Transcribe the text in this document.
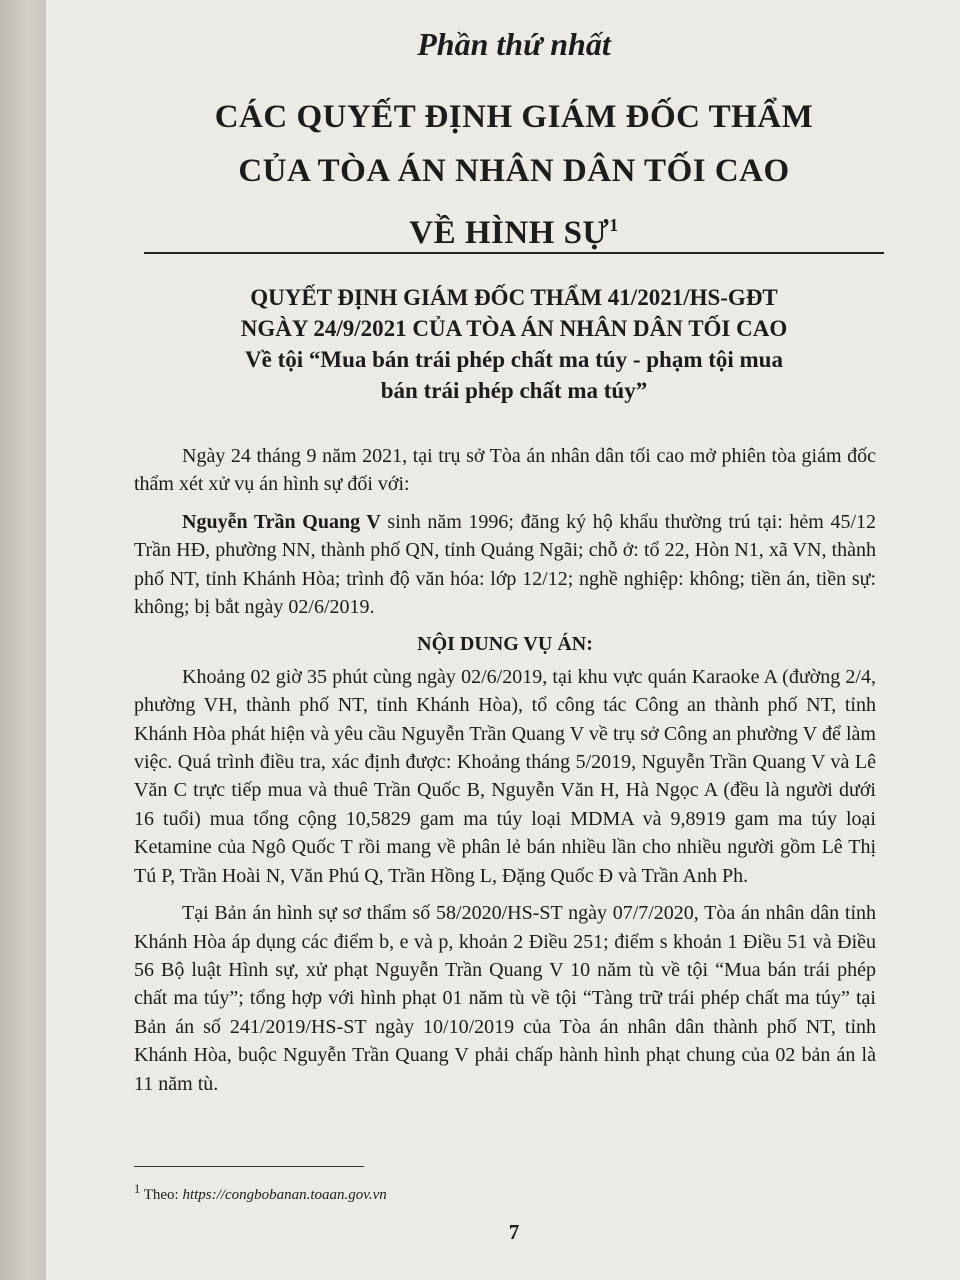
Phần thứ nhất
CÁC QUYẾT ĐỊNH GIÁM ĐỐC THẨM
CỦA TÒA ÁN NHÂN DÂN TỐI CAO
VỀ HÌNH SỰ$^1$
QUYẾT ĐỊNH GIÁM ĐỐC THẨM 41/2021/HS-GĐT
NGÀY 24/9/2021 CỦA TÒA ÁN NHÂN DÂN TỐI CAO
Về tội “Mua bán trái phép chất ma túy - phạm tội mua
bán trái phép chất ma túy”

Ngày 24 tháng 9 năm 2021, tại trụ sở Tòa án nhân dân tối cao mở phiên tòa giám đốc thẩm xét xử vụ án hình sự đối với:

Nguyễn Trần Quang V sinh năm 1996; đăng ký hộ khẩu thường trú tại: hẻm 45/12 Trần HĐ, phường NN, thành phố QN, tỉnh Quảng Ngãi; chỗ ở: tổ 22, Hòn N1, xã VN, thành phố NT, tỉnh Khánh Hòa; trình độ văn hóa: lớp 12/12; nghề nghiệp: không; tiền án, tiền sự: không; bị bắt ngày 02/6/2019.

NỘI DUNG VỤ ÁN:

Khoảng 02 giờ 35 phút cùng ngày 02/6/2019, tại khu vực quán Karaoke A (đường 2/4, phường VH, thành phố NT, tỉnh Khánh Hòa), tổ công tác Công an thành phố NT, tỉnh Khánh Hòa phát hiện và yêu cầu Nguyễn Trần Quang V về trụ sở Công an phường V để làm việc. Quá trình điều tra, xác định được: Khoảng tháng 5/2019, Nguyễn Trần Quang V và Lê Văn C trực tiếp mua và thuê Trần Quốc B, Nguyễn Văn H, Hà Ngọc A (đều là người dưới 16 tuổi) mua tổng cộng 10,5829 gam ma túy loại MDMA và 9,8919 gam ma túy loại Ketamine của Ngô Quốc T rồi mang về phân lẻ bán nhiều lần cho nhiều người gồm Lê Thị Tú P, Trần Hoài N, Văn Phú Q, Trần Hồng L, Đặng Quốc Đ và Trần Anh Ph.

Tại Bản án hình sự sơ thẩm số 58/2020/HS-ST ngày 07/7/2020, Tòa án nhân dân tỉnh Khánh Hòa áp dụng các điểm b, e và p, khoản 2 Điều 251; điểm s khoản 1 Điều 51 và Điều 56 Bộ luật Hình sự, xử phạt Nguyễn Trần Quang V 10 năm tù về tội “Mua bán trái phép chất ma túy”; tổng hợp với hình phạt 01 năm tù về tội “Tàng trữ trái phép chất ma túy” tại Bản án số 241/2019/HS-ST ngày 10/10/2019 của Tòa án nhân dân thành phố NT, tỉnh Khánh Hòa, buộc Nguyễn Trần Quang V phải chấp hành hình phạt chung của 02 bản án là 11 năm tù.

$^1$ Theo: https://congbobanan.toaan.gov.vn
7
